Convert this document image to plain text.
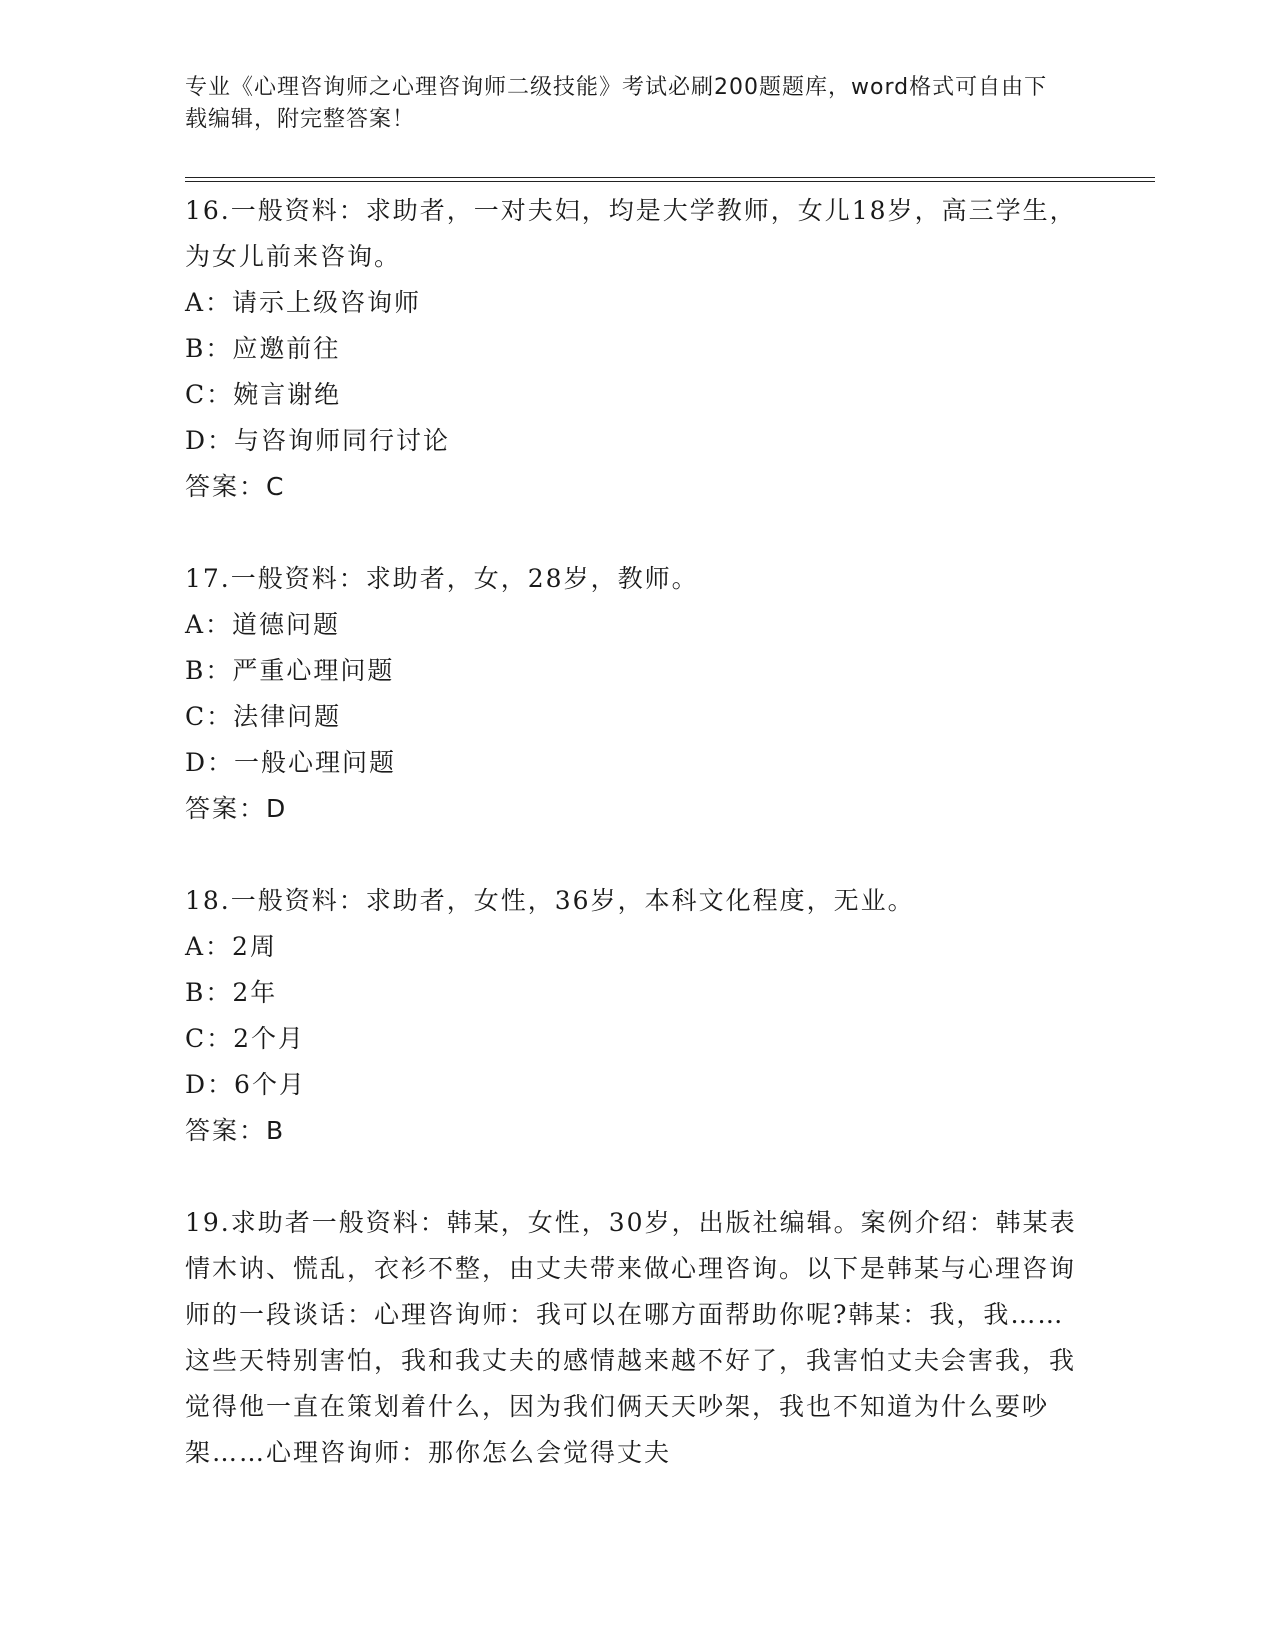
专业《心理咨询师之心理咨询师二级技能》考试必刷200题题库，word格式可自由下载编辑，附完整答案！

16.一般资料：求助者，一对夫妇，均是大学教师，女儿18岁，高三学生，为女儿前来咨询。

A：请示上级咨询师

B：应邀前往

C：婉言谢绝

D：与咨询师同行讨论

答案：C

17.一般资料：求助者，女，28岁，教师。

A：道德问题

B：严重心理问题

C：法律问题

D：一般心理问题

答案：D

18.一般资料：求助者，女性，36岁，本科文化程度，无业。

A：2周

B：2年

C：2个月

D：6个月

答案：B

19.求助者一般资料：韩某，女性，30岁，出版社编辑。案例介绍：韩某表情木讷、慌乱，衣衫不整，由丈夫带来做心理咨询。以下是韩某与心理咨询师的一段谈话：心理咨询师：我可以在哪方面帮助你呢?韩某：我，我……这些天特别害怕，我和我丈夫的感情越来越不好了，我害怕丈夫会害我，我觉得他一直在策划着什么，因为我们俩天天吵架，我也不知道为什么要吵架……心理咨询师：那你怎么会觉得丈夫
